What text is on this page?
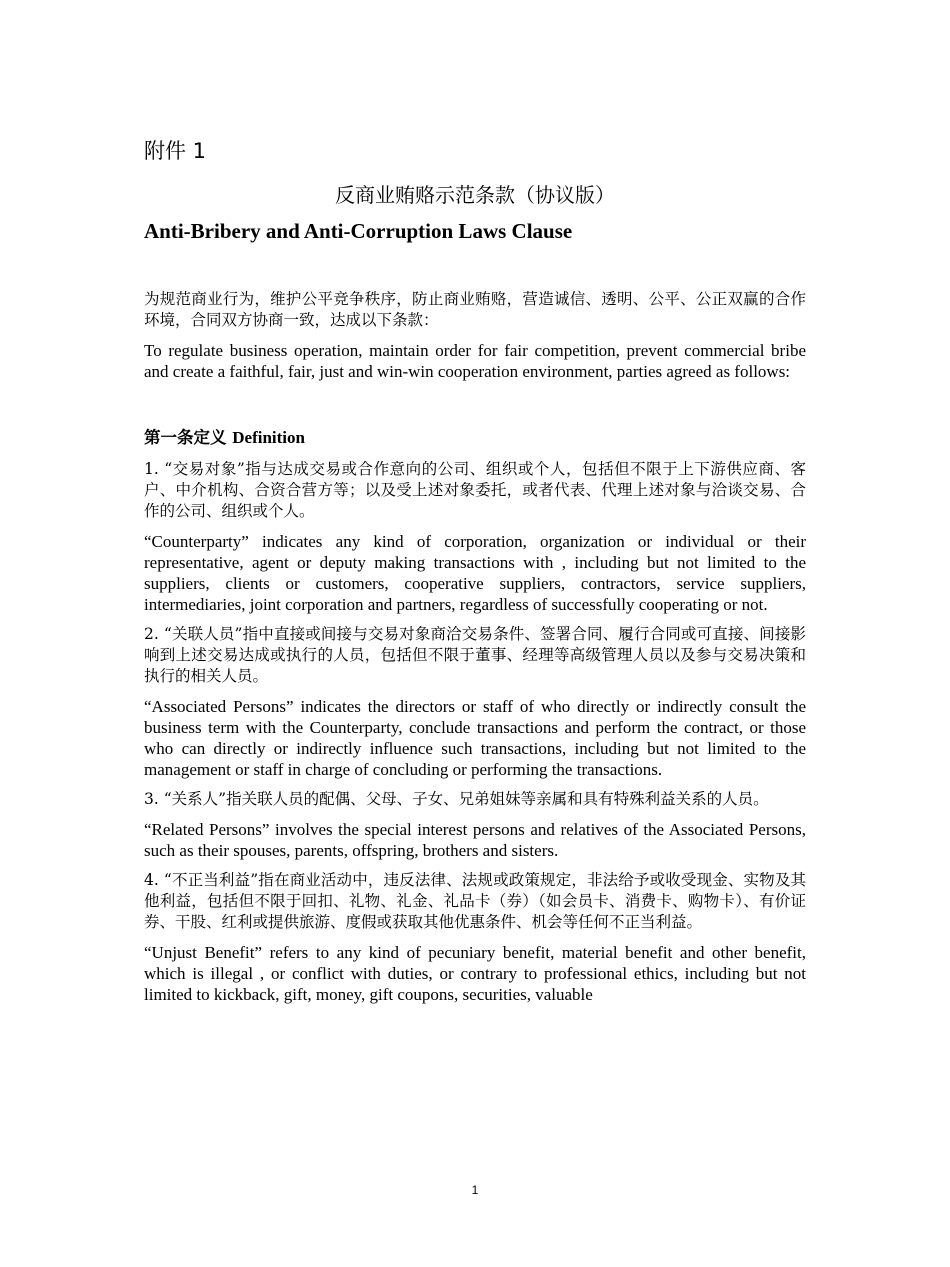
附件 1

反商业贿赂示范条款（协议版）

Anti-Bribery and Anti-Corruption Laws Clause

为规范商业行为，维护公平竞争秩序，防止商业贿赂，营造诚信、透明、公平、公正双赢的合作环境，合同双方协商一致，达成以下条款：

To regulate business operation, maintain order for fair competition, prevent commercial bribe and create a faithful, fair, just and win-win cooperation environment, parties agreed as follows:

第一条定义 Definition

1. “交易对象”指与达成交易或合作意向的公司、组织或个人，包括但不限于上下游供应商、客户、中介机构、合资合营方等；以及受上述对象委托，或者代表、代理上述对象与洽谈交易、合作的公司、组织或个人。

“Counterparty” indicates any kind of corporation, organization or individual or their representative, agent or deputy making transactions with , including but not limited to the suppliers, clients or customers, cooperative suppliers, contractors, service suppliers, intermediaries, joint corporation and partners, regardless of successfully cooperating or not.

2. “关联人员”指中直接或间接与交易对象商洽交易条件、签署合同、履行合同或可直接、间接影响到上述交易达成或执行的人员，包括但不限于董事、经理等高级管理人员以及参与交易决策和执行的相关人员。

“Associated Persons” indicates the directors or staff of who directly or indirectly consult the business term with the Counterparty, conclude transactions and perform the contract, or those who can directly or indirectly influence such transactions, including but not limited to the management or staff in charge of concluding or performing the transactions.

3. “关系人”指关联人员的配偶、父母、子女、兄弟姐妹等亲属和具有特殊利益关系的人员。

“Related Persons” involves the special interest persons and relatives of the Associated Persons, such as their spouses, parents, offspring, brothers and sisters.

4. “不正当利益”指在商业活动中，违反法律、法规或政策规定，非法给予或收受现金、实物及其他利益，包括但不限于回扣、礼物、礼金、礼品卡（券）（如会员卡、消费卡、购物卡）、有价证券、干股、红利或提供旅游、度假或获取其他优惠条件、机会等任何不正当利益。

“Unjust Benefit” refers to any kind of pecuniary benefit, material benefit and other benefit, which is illegal , or conflict with duties, or contrary to professional ethics, including but not limited to kickback, gift, money, gift coupons, securities, valuable

1
